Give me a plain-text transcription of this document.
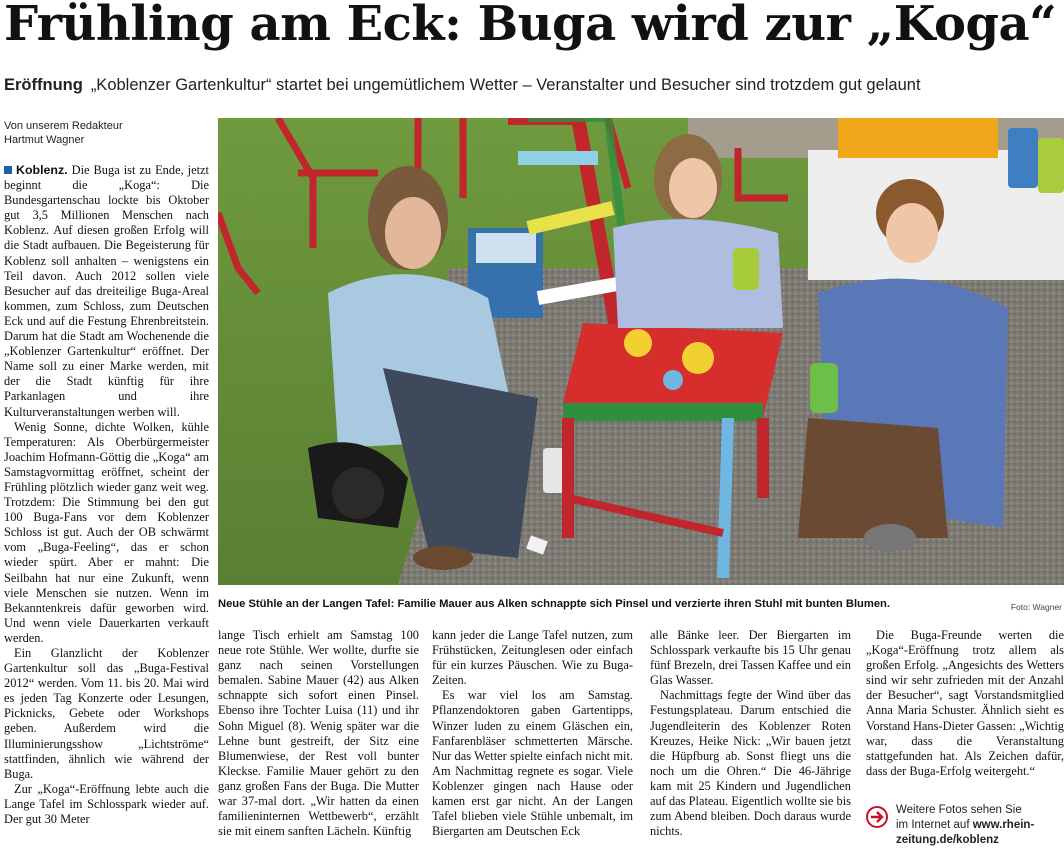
Frühling am Eck: Buga wird zur „Koga“
Eröffnung „Koblenzer Gartenkultur“ startet bei ungemütlichem Wetter – Veranstalter und Besucher sind trotzdem gut gelaunt
Von unserem Redakteur
Hartmut Wagner

Koblenz. Die Buga ist zu Ende, jetzt beginnt die „Koga“: Die Bundesgartenschau lockte bis Oktober gut 3,5 Millionen Menschen nach Koblenz. Auf diesen großen Erfolg will die Stadt aufbauen. Die Begeisterung für Koblenz soll anhalten – wenigstens ein Teil davon. Auch 2012 sollen viele Besucher auf das dreiteilige Buga-Areal kommen, zum Schloss, zum Deutschen Eck und auf die Festung Ehrenbreitstein. Darum hat die Stadt am Wochenende die „Koblenzer Gartenkultur“ eröffnet. Der Name soll zu einer Marke werden, mit der die Stadt künftig für ihre Parkanlagen und ihre Kulturveranstaltungen werben will.

Wenig Sonne, dichte Wolken, kühle Temperaturen: Als Oberbürgermeister Joachim Hofmann-Göttig die „Koga“ am Samstagvormittag eröffnet, scheint der Frühling plötzlich wieder ganz weit weg. Trotzdem: Die Stimmung bei den gut 100 Buga-Fans vor dem Koblenzer Schloss ist gut. Auch der OB schwärmt vom „Buga-Feeling“, das er schon wieder spürt. Aber er mahnt: Die Seilbahn hat nur eine Zukunft, wenn viele Menschen sie nutzen. Wenn im Bekanntenkreis dafür geworben wird. Und wenn viele Dauerkarten verkauft werden.

Ein Glanzlicht der Koblenzer Gartenkultur soll das „Buga-Festival 2012“ werden. Vom 11. bis 20. Mai wird es jeden Tag Konzerte oder Lesungen, Picknicks, Gebete oder Workshops geben. Außerdem wird die Illuminierungsshow „Lichtströme“ stattfinden, ähnlich wie während der Buga.

Zur „Koga“-Eröffnung lebte auch die Lange Tafel im Schlosspark wieder auf. Der gut 30 Meter

Neue Stühle an der Langen Tafel: Familie Mauer aus Alken schnappte sich Pinsel und verzierte ihren Stuhl mit bunten Blumen.	Foto: Wagner

lange Tisch erhielt am Samstag 100 neue rote Stühle. Wer wollte, durfte sie ganz nach seinen Vorstellungen bemalen. Sabine Mauer (42) aus Alken schnappte sich sofort einen Pinsel. Ebenso ihre Tochter Luisa (11) und ihr Sohn Miguel (8). Wenig später war die Lehne bunt gestreift, der Sitz eine Blumenwiese, der Rest voll bunter Kleckse. Familie Mauer gehört zu den ganz großen Fans der Buga. Die Mutter war 37-mal dort. „Wir hatten da einen familieninternen Wettbewerb“, erzählt sie mit einem sanften Lächeln. Künftig

kann jeder die Lange Tafel nutzen, zum Frühstücken, Zeitunglesen oder einfach für ein kurzes Päuschen. Wie zu Buga-Zeiten.

Es war viel los am Samstag. Pflanzendoktoren gaben Gartentipps, Winzer luden zu einem Gläschen ein, Fanfarenbläser schmetterten Märsche. Nur das Wetter spielte einfach nicht mit. Am Nachmittag regnete es sogar. Viele Koblenzer gingen nach Hause oder kamen erst gar nicht. An der Langen Tafel blieben viele Stühle unbemalt, im Biergarten am Deutschen Eck

alle Bänke leer. Der Biergarten im Schlosspark verkaufte bis 15 Uhr genau fünf Brezeln, drei Tassen Kaffee und ein Glas Wasser.

Nachmittags fegte der Wind über das Festungsplateau. Darum entschied die Jugendleiterin des Koblenzer Roten Kreuzes, Heike Nick: „Wir bauen jetzt die Hüpfburg ab. Sonst fliegt uns die noch um die Ohren.“ Die 46-Jährige kam mit 25 Kindern und Jugendlichen auf das Plateau. Eigentlich wollte sie bis zum Abend bleiben. Doch daraus wurde nichts.

Die Buga-Freunde werten die „Koga“-Eröffnung trotz allem als großen Erfolg. „Angesichts des Wetters sind wir sehr zufrieden mit der Anzahl der Besucher“, sagt Vorstandsmitglied Anna Maria Schuster. Ähnlich sieht es Vorstand Hans-Dieter Gassen: „Wichtig war, dass die Veranstaltung stattgefunden hat. Als Zeichen dafür, dass der Buga-Erfolg weitergeht.“

Weitere Fotos sehen Sie
im Internet auf www.rhein-zeitung.de/koblenz
